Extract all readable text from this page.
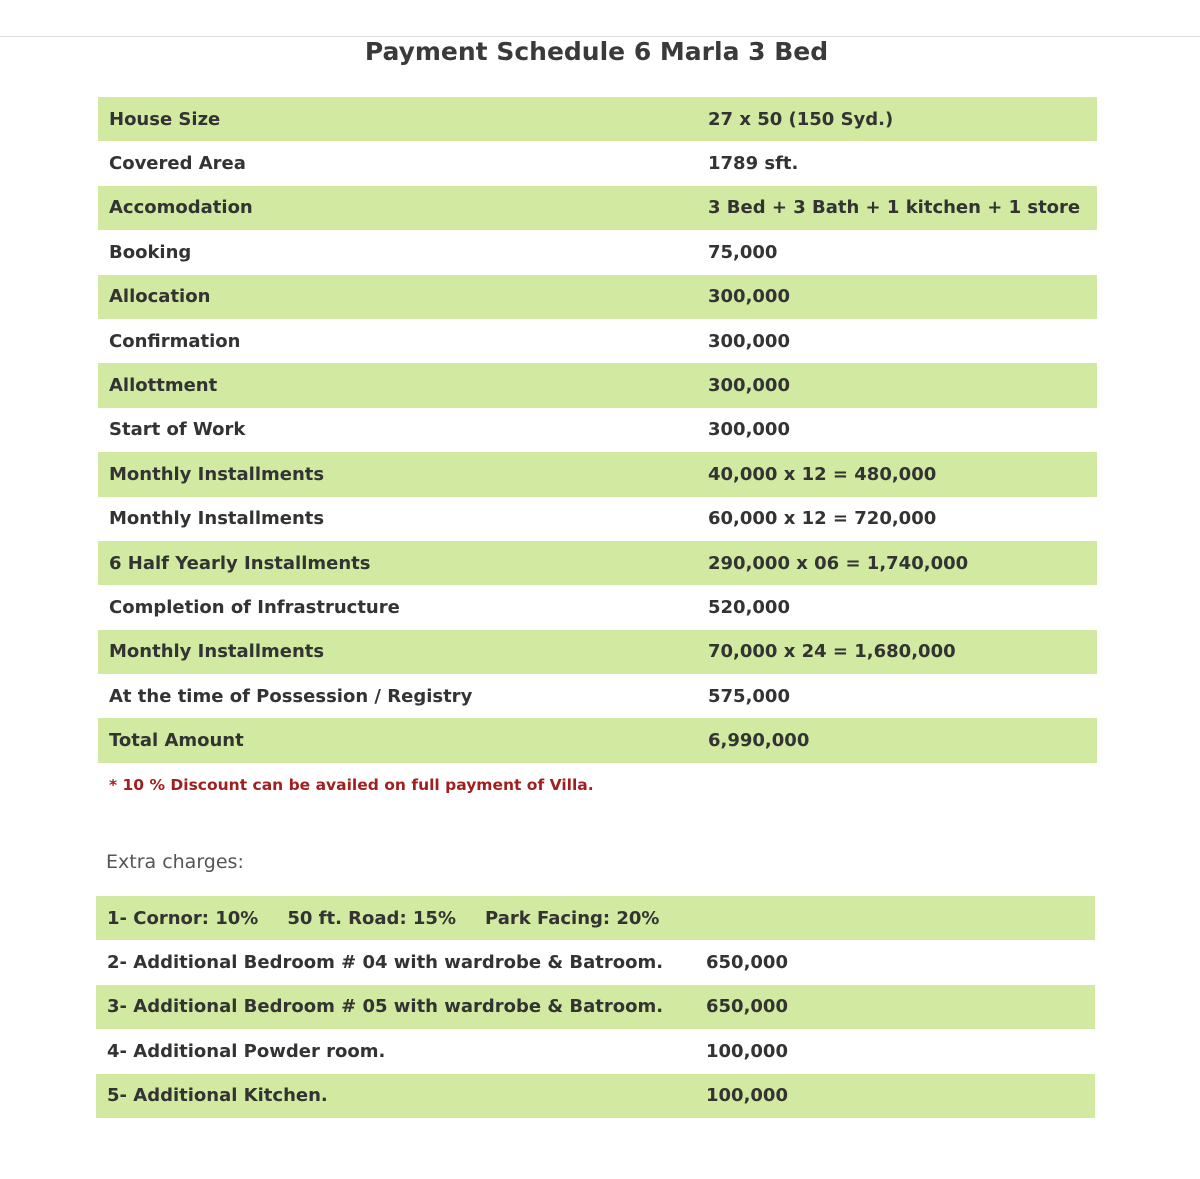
Payment Schedule 6 Marla 3 Bed
House Size	27 x 50 (150 Syd.)
Covered Area	1789 sft.
Accomodation	3 Bed + 3 Bath + 1 kitchen + 1 store
Booking	75,000
Allocation	300,000
Confirmation	300,000
Allottment	300,000
Start of Work	300,000
Monthly Installments	40,000 x 12 = 480,000
Monthly Installments	60,000 x 12 = 720,000
6 Half Yearly Installments	290,000 x 06 = 1,740,000
Completion of Infrastructure	520,000
Monthly Installments	70,000 x 24 = 1,680,000
At the time of Possession / Registry	575,000
Total Amount	6,990,000
* 10 % Discount can be availed on full payment of Villa.
Extra charges:
1- Cornor: 10% 50 ft. Road: 15% Park Facing: 20%	
2- Additional Bedroom # 04 with wardrobe & Batroom.	650,000
3- Additional Bedroom # 05 with wardrobe & Batroom.	650,000
4- Additional Powder room.	100,000
5- Additional Kitchen.	100,000
